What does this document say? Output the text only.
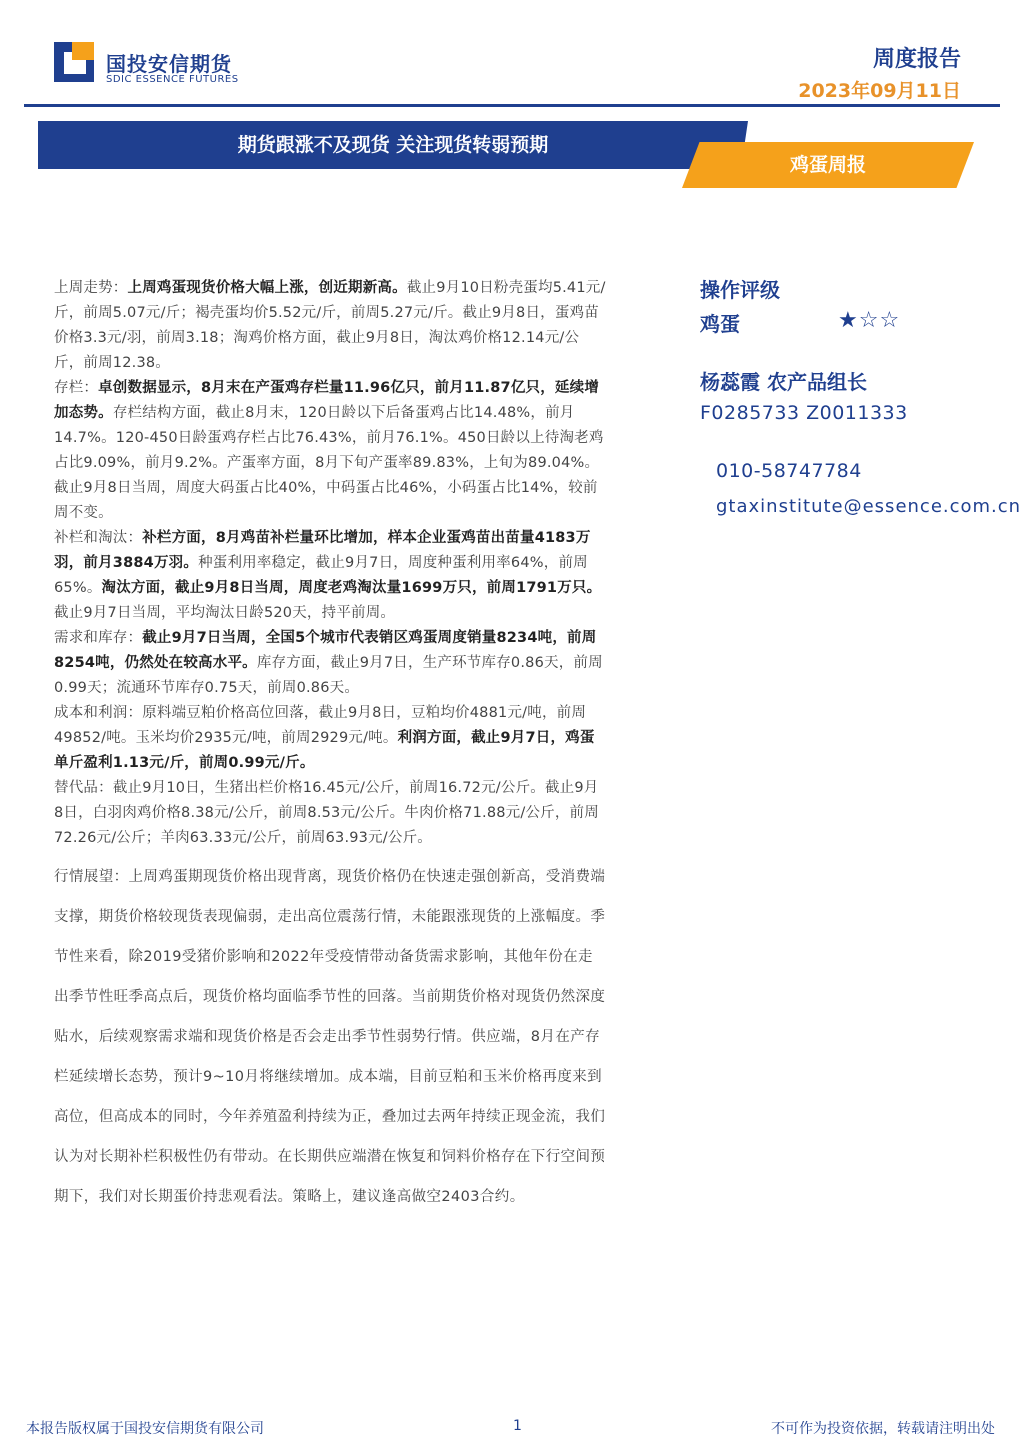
国投安信期货
SDIC ESSENCE FUTURES
周度报告
2023年09月11日
期货跟涨不及现货 关注现货转弱预期
鸡蛋周报

上周走势：上周鸡蛋现货价格大幅上涨，创近期新高。截止9月10日粉壳蛋均5.41元/斤，前周5.07元/斤；褐壳蛋均价5.52元/斤，前周5.27元/斤。截止9月8日，蛋鸡苗价格3.3元/羽，前周3.18；淘鸡价格方面，截止9月8日，淘汰鸡价格12.14元/公斤，前周12.38。

存栏：卓创数据显示，8月末在产蛋鸡存栏量11.96亿只，前月11.87亿只，延续增加态势。存栏结构方面，截止8月末，120日龄以下后备蛋鸡占比14.48%，前月14.7%。120-450日龄蛋鸡存栏占比76.43%，前月76.1%。450日龄以上待淘老鸡占比9.09%，前月9.2%。产蛋率方面，8月下旬产蛋率89.83%，上旬为89.04%。截止9月8日当周，周度大码蛋占比40%，中码蛋占比46%，小码蛋占比14%，较前周不变。

补栏和淘汰：补栏方面，8月鸡苗补栏量环比增加，样本企业蛋鸡苗出苗量4183万羽，前月3884万羽。种蛋利用率稳定，截止9月7日，周度种蛋利用率64%，前周65%。淘汰方面，截止9月8日当周，周度老鸡淘汰量1699万只，前周1791万只。截止9月7日当周，平均淘汰日龄520天，持平前周。

需求和库存：截止9月7日当周，全国5个城市代表销区鸡蛋周度销量8234吨，前周8254吨，仍然处在较高水平。库存方面，截止9月7日，生产环节库存0.86天，前周0.99天；流通环节库存0.75天，前周0.86天。

成本和利润：原料端豆粕价格高位回落，截止9月8日，豆粕均价4881元/吨，前周49852/吨。玉米均价2935元/吨，前周2929元/吨。利润方面，截止9月7日，鸡蛋单斤盈利1.13元/斤，前周0.99元/斤。

替代品：截止9月10日，生猪出栏价格16.45元/公斤，前周16.72元/公斤。截止9月8日，白羽肉鸡价格8.38元/公斤，前周8.53元/公斤。牛肉价格71.88元/公斤，前周72.26元/公斤；羊肉63.33元/公斤，前周63.93元/公斤。

行情展望：上周鸡蛋期现货价格出现背离，现货价格仍在快速走强创新高，受消费端支撑，期货价格较现货表现偏弱，走出高位震荡行情，未能跟涨现货的上涨幅度。季节性来看，除2019受猪价影响和2022年受疫情带动备货需求影响，其他年份在走出季节性旺季高点后，现货价格均面临季节性的回落。当前期货价格对现货仍然深度贴水，后续观察需求端和现货价格是否会走出季节性弱势行情。供应端，8月在产存栏延续增长态势，预计9~10月将继续增加。成本端，目前豆粕和玉米价格再度来到高位，但高成本的同时，今年养殖盈利持续为正，叠加过去两年持续正现金流，我们认为对长期补栏积极性仍有带动。在长期供应端潜在恢复和饲料价格存在下行空间预期下，我们对长期蛋价持悲观看法。策略上，建议逢高做空2403合约。

操作评级
鸡蛋	★☆☆
杨蕊霞 农产品组长
F0285733 Z0011333
010-58747784
gtaxinstitute@essence.com.cn
本报告版权属于国投安信期货有限公司	1	不可作为投资依据，转载请注明出处
